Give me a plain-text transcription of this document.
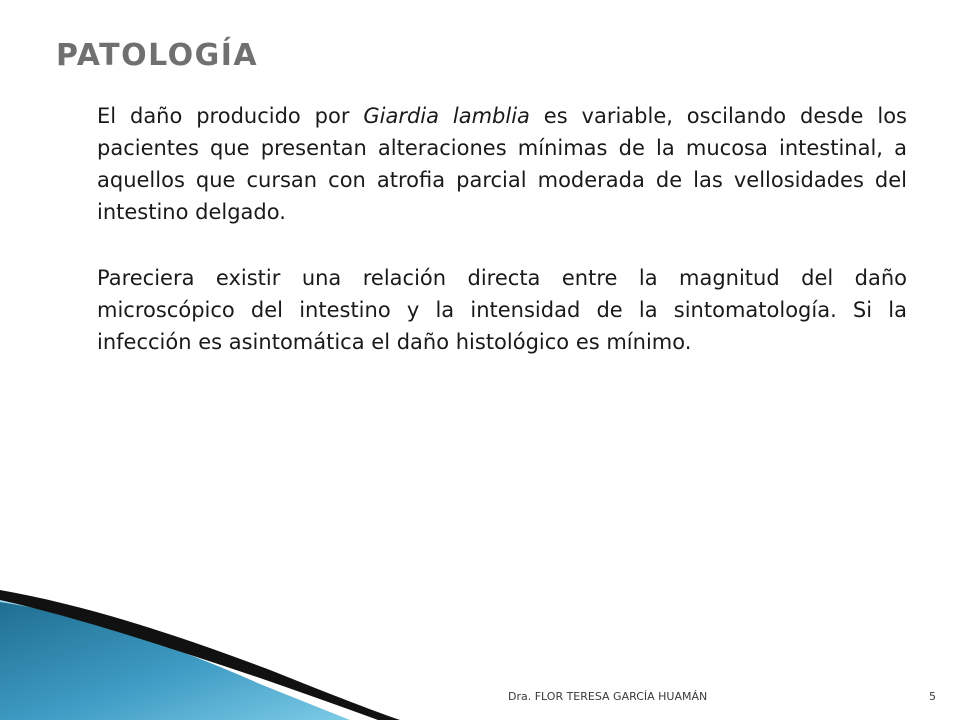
PATOLOGÍA

El daño producido por Giardia lamblia es variable, oscilando desde los pacientes que presentan alteraciones mínimas de la mucosa intestinal, a aquellos que cursan con atrofia parcial moderada de las vellosidades del intestino delgado.

Pareciera existir una relación directa entre la magnitud del daño microscópico del intestino y la intensidad de la sintomatología. Si la infección es asintomática el daño histológico es mínimo.

Dra. FLOR TERESA GARCÍA HUAMÁN	5
